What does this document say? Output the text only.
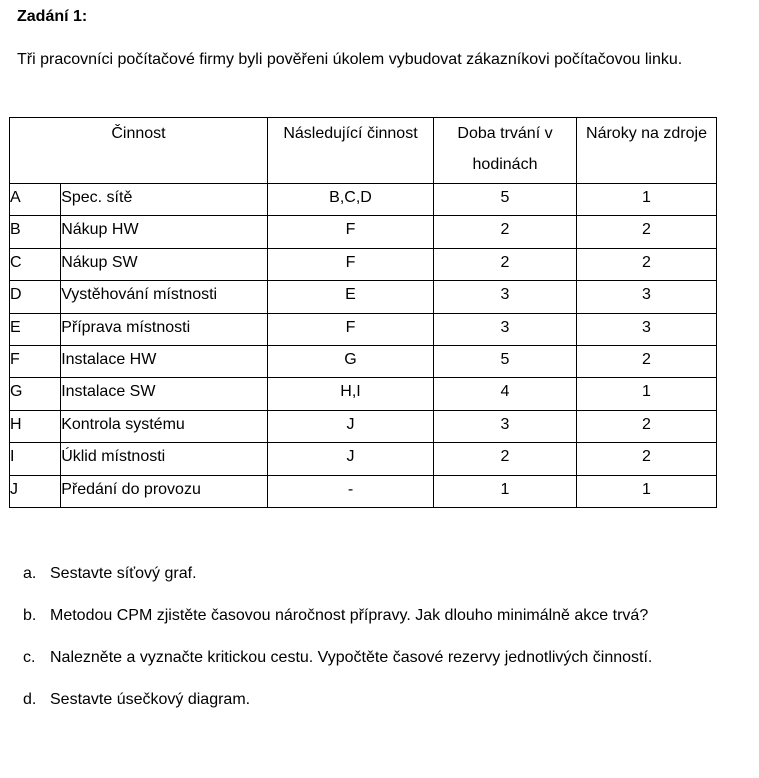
Zadání 1:
Tři pracovníci počítačové firmy byli pověřeni úkolem vybudovat zákazníkovi počítačovou linku.
Činnost		Následující činnost	Doba trvání v hodinách	Nároky na zdroje
A	Spec. sítě	B,C,D	5	1
B	Nákup HW	F	2	2
C	Nákup SW	F	2	2
D	Vystěhování místnosti	E	3	3
E	Příprava místnosti	F	3	3
F	Instalace HW	G	5	2
G	Instalace SW	H,I	4	1
H	Kontrola systému	J	3	2
I	Úklid místnosti	J	2	2
J	Předání do provozu	-	1	1
a. Sestavte síťový graf.
b. Metodou CPM zjistěte časovou náročnost přípravy. Jak dlouho minimálně akce trvá?
c. Nalezněte a vyznačte kritickou cestu. Vypočtěte časové rezervy jednotlivých činností.
d. Sestavte úsečkový diagram.
